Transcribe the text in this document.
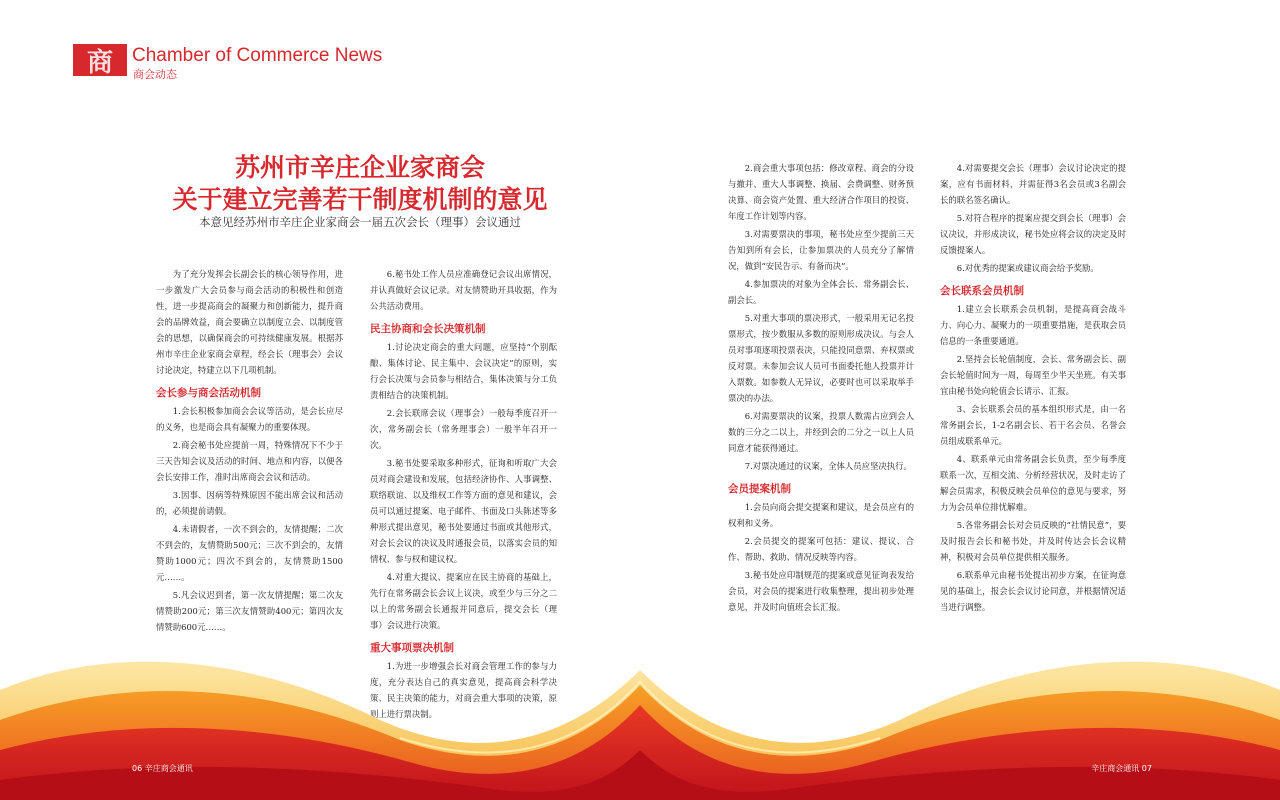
商 Chamber of Commerce News
商会动态
苏州市辛庄企业家商会
关于建立完善若干制度机制的意见
本意见经苏州市辛庄企业家商会一届五次会长（理事）会议通过

为了充分发挥会长副会长的核心领导作用，进一步激发广大会员参与商会活动的积极性和创造性，进一步提高商会的凝聚力和创新能力，提升商会的品牌效益，商会要确立以制度立会、以制度管会的思想，以确保商会的可持续健康发展。根据苏州市辛庄企业家商会章程，经会长（理事会）会议讨论决定，特建立以下几项机制。

会长参与商会活动机制

1.会长积极参加商会会议等活动，是会长应尽的义务，也是商会具有凝聚力的重要体现。

2.商会秘书处应提前一周，特殊情况下不少于三天告知会议及活动的时间、地点和内容，以便各会长安排工作，准时出席商会会议和活动。

3.因事、因病等特殊原因不能出席会议和活动的，必须提前请假。

4.未请假者，一次不到会的，友情提醒；二次不到会的，友情赞助500元；三次不到会的，友情赞助1000元；四次不到会的，友情赞助1500元……。

5.凡会议迟到者，第一次友情提醒；第二次友情赞助200元；第三次友情赞助400元；第四次友情赞助600元……。

6.秘书处工作人员应准确登记会议出席情况，并认真做好会议记录。对友情赞助开具收据，作为公共活动费用。

民主协商和会长决策机制

1.讨论决定商会的重大问题，应坚持“个别酝酿、集体讨论、民主集中、会议决定”的原则，实行会长决策与会员参与相结合，集体决策与分工负责相结合的决策机制。

2.会长联席会议（理事会）一般每季度召开一次，常务副会长（常务理事会）一般半年召开一次。

3.秘书处要采取多种形式，征询和听取广大会员对商会建设和发展，包括经济协作、人事调整、联络联谊、以及维权工作等方面的意见和建议，会员可以通过提案、电子邮件、书面及口头陈述等多种形式提出意见，秘书处要通过书面或其他形式，对会长会议的决议及时通报会员，以落实会员的知情权、参与权和建议权。

4.对重大提议、提案应在民主协商的基础上，先行在常务副会长会议上议决，或至少与三分之二以上的常务副会长通报并同意后，提交会长（理事）会议进行决策。

重大事项票决机制

1.为进一步增强会长对商会管理工作的参与力度，充分表达自己的真实意见，提高商会科学决策、民主决策的能力，对商会重大事项的决策，原则上进行票决制。

2.商会重大事项包括：修改章程、商会的分设与撤并、重大人事调整、换届、会费调整、财务预决算、商会资产处置、重大经济合作项目的投资、年度工作计划等内容。

3.对需要票决的事项，秘书处应至少提前三天告知到所有会长，让参加票决的人员充分了解情况，做到“安民告示、有备而决”。

4.参加票决的对象为全体会长、常务副会长、副会长。

5.对重大事项的票决形式，一般采用无记名投票形式，按少数服从多数的原则形成决议。与会人员对事项逐项投票表决，只能投同意票、弃权票或反对票。未参加会议人员可书面委托他人投票并计入票数。如参数人无异议，必要时也可以采取举手票决的办法。

6.对需要票决的议案，投票人数需占应到会人数的三分之二以上，并经到会的二分之一以上人员同意才能获得通过。

7.对票决通过的议案，全体人员应坚决执行。

会员提案机制

1.会员向商会提交提案和建议，是会员应有的权利和义务。

2.会员提交的提案可包括：建议、提议、合作、帮助、救助、情况反映等内容。

3.秘书处应印制规范的提案或意见征询表发给会员，对会员的提案进行收集整理，提出初步处理意见，并及时向值班会长汇报。

4.对需要提交会长（理事）会议讨论决定的提案，应有书面材料，并需征得3名会员或3名副会长的联名签名确认。

5.对符合程序的提案应提交到会长（理事）会议决议，并形成决议，秘书处应将会议的决定及时反馈提案人。

6.对优秀的提案或建议商会给予奖励。

会长联系会员机制

1.建立会长联系会员机制，是提高商会战斗力、向心力、凝聚力的一项重要措施，是获取会员信息的一条重要通道。

2.坚持会长轮值制度，会长、常务副会长、副会长轮值时间为一周，每周至少半天坐班。有关事宜由秘书处向轮值会长请示、汇报。

3、会长联系会员的基本组织形式是，由一名常务副会长，1-2名副会长、若干名会员、名誉会员组成联系单元。

4、联系单元由常务副会长负责，至少每季度联系一次，互相交流、分析经营状况，及时走访了解会员需求，积极反映会员单位的意见与要求，努力为会员单位排忧解难。

5.各常务副会长对会员反映的“社情民意”，要及时报告会长和秘书处，并及时传达会长会议精神，积极对会员单位提供相关服务。

6.联系单元由秘书处提出初步方案，在征询意见的基础上，报会长会议讨论同意，并根据情况适当进行调整。

06 辛庄商会通讯	辛庄商会通讯 07
